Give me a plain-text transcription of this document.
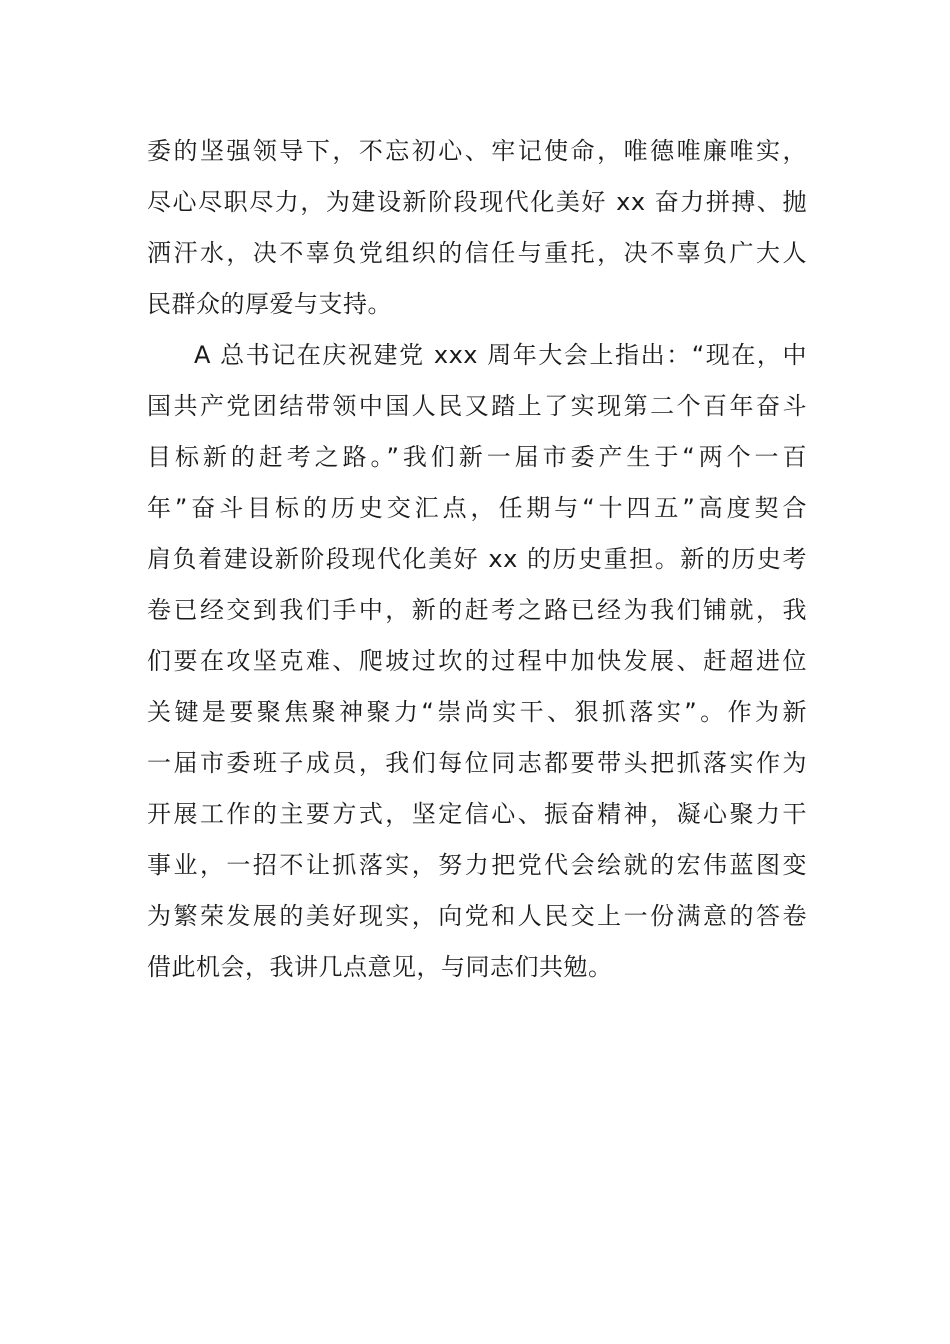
委的坚强领导下，不忘初心、牢记使命，唯德唯廉唯实，
尽心尽职尽力，为建设新阶段现代化美好 xx 奋力拼搏、抛
洒汗水，决不辜负党组织的信任与重托，决不辜负广大人
民群众的厚爱与支持。
A 总书记在庆祝建党 xxx 周年大会上指出：“现在，中
国共产党团结带领中国人民又踏上了实现第二个百年奋斗
目标新的赶考之路。”我们新一届市委产生于“两个一百
年”奋斗目标的历史交汇点，任期与“十四五”高度契合
肩负着建设新阶段现代化美好 xx 的历史重担。新的历史考
卷已经交到我们手中，新的赶考之路已经为我们铺就，我
们要在攻坚克难、爬坡过坎的过程中加快发展、赶超进位
关键是要聚焦聚神聚力“崇尚实干、狠抓落实”。作为新
一届市委班子成员，我们每位同志都要带头把抓落实作为
开展工作的主要方式，坚定信心、振奋精神，凝心聚力干
事业，一招不让抓落实，努力把党代会绘就的宏伟蓝图变
为繁荣发展的美好现实，向党和人民交上一份满意的答卷
借此机会，我讲几点意见，与同志们共勉。
